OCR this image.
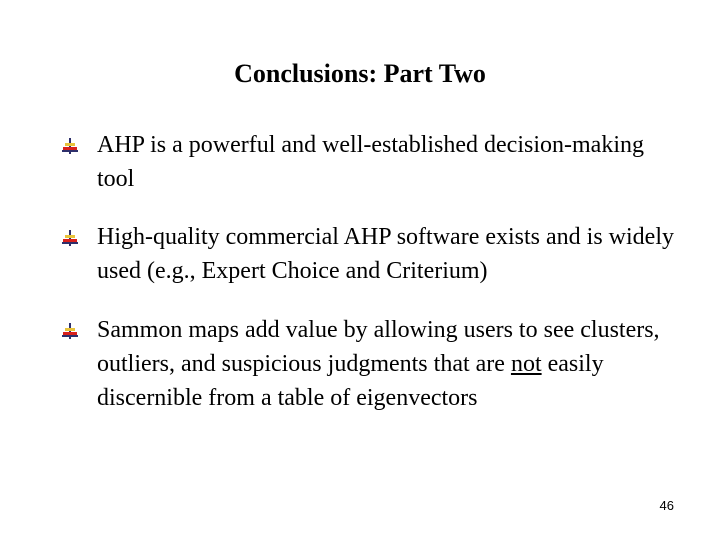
Conclusions: Part Two

AHP is a powerful and well-established decision-making tool

High-quality commercial AHP software exists and is widely used (e.g., Expert Choice and Criterium)

Sammon maps add value by allowing users to see clusters, outliers, and suspicious judgments that are not easily discernible from a table of eigenvectors

46
